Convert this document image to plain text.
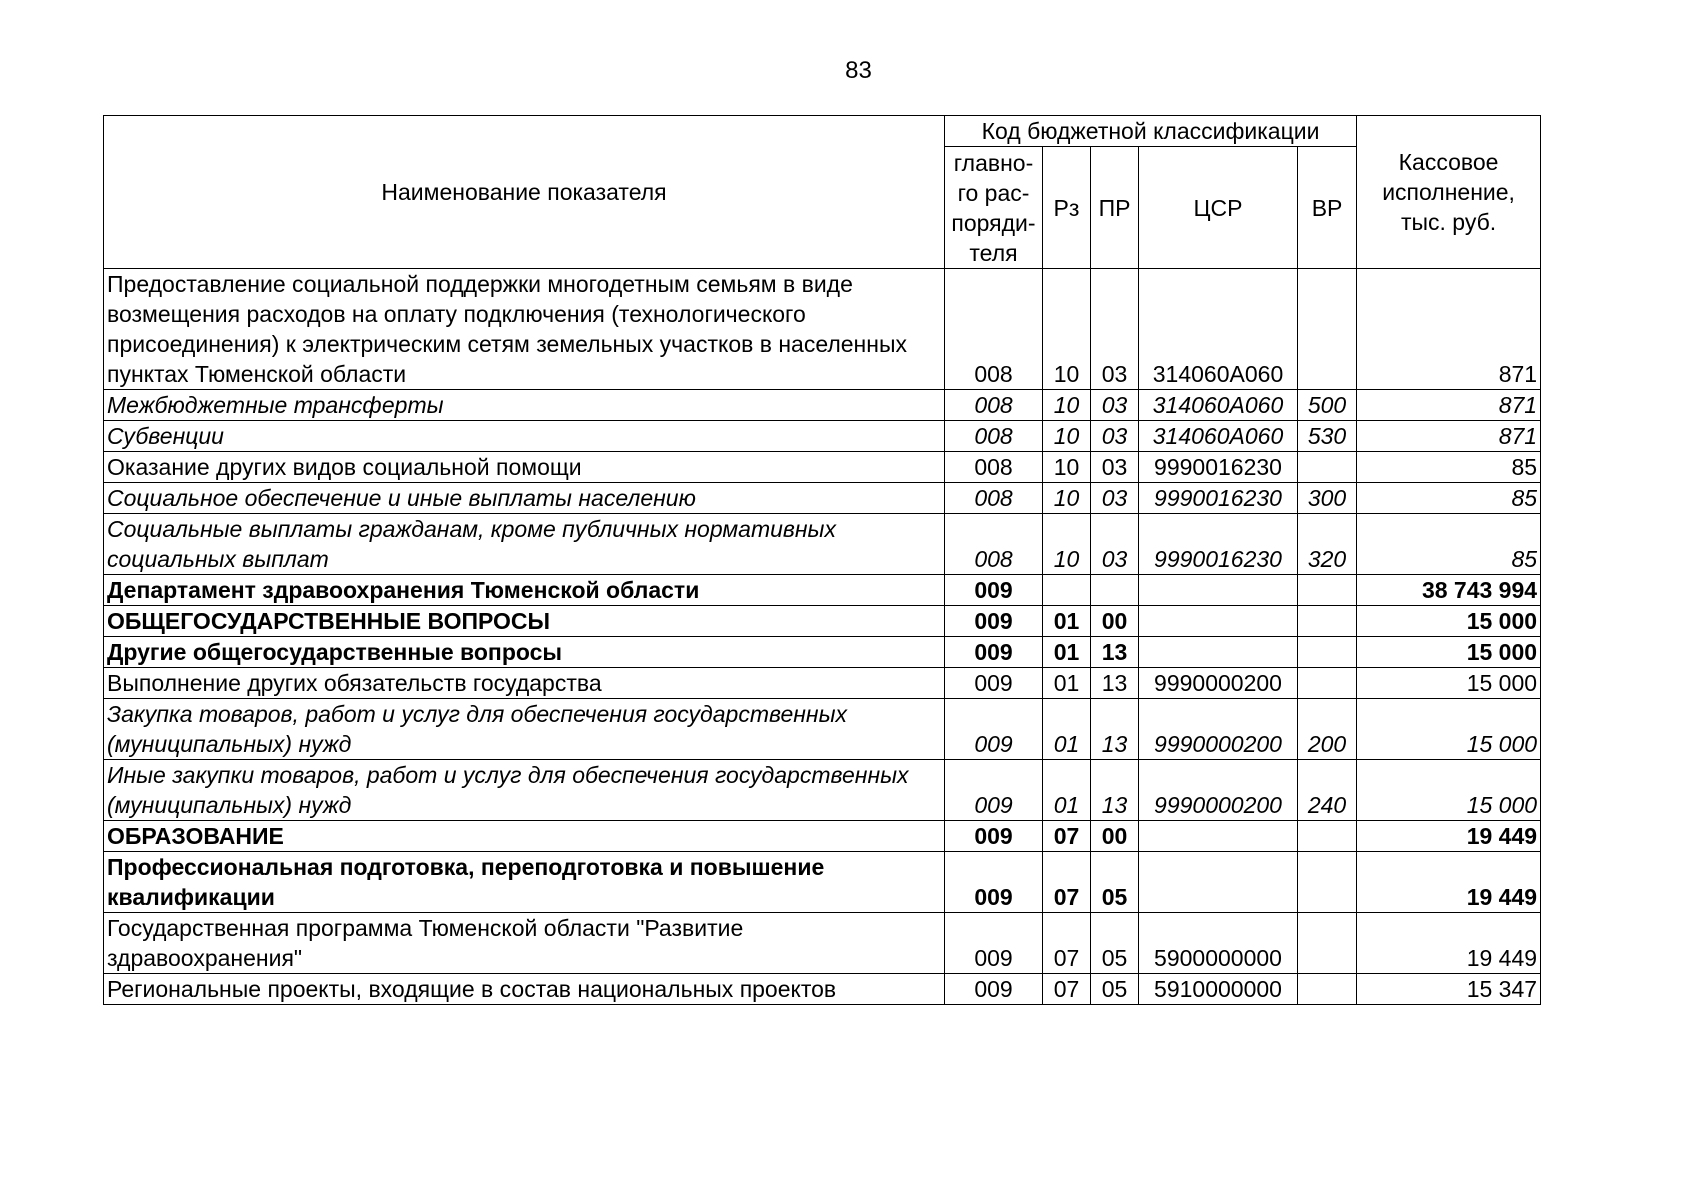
83
Наименование показателя	Код бюджетной классификации					Кассовое исполнение, тыс. руб.
	главно-го рас-поряди-теля	Рз	ПР	ЦСР	ВР	
Предоставление социальной поддержки многодетным семьям в виде возмещения расходов на оплату подключения (технологического присоединения) к электрическим сетям земельных участков в населенных пунктах Тюменской области	008	10	03	314060А060		871
Межбюджетные трансферты	008	10	03	314060А060	500	871
Субвенции	008	10	03	314060А060	530	871
Оказание других видов социальной помощи	008	10	03	9990016230		85
Социальное обеспечение и иные выплаты населению	008	10	03	9990016230	300	85
Социальные выплаты гражданам, кроме публичных нормативных социальных выплат	008	10	03	9990016230	320	85
Департамент здравоохранения Тюменской области	009					38 743 994
ОБЩЕГОСУДАРСТВЕННЫЕ ВОПРОСЫ	009	01	00			15 000
Другие общегосударственные вопросы	009	01	13			15 000
Выполнение других обязательств государства	009	01	13	9990000200		15 000
Закупка товаров, работ и услуг для обеспечения государственных (муниципальных) нужд	009	01	13	9990000200	200	15 000
Иные закупки товаров, работ и услуг для обеспечения государственных (муниципальных) нужд	009	01	13	9990000200	240	15 000
ОБРАЗОВАНИЕ	009	07	00			19 449
Профессиональная подготовка, переподготовка и повышение квалификации	009	07	05			19 449
Государственная программа Тюменской области "Развитие здравоохранения"	009	07	05	5900000000		19 449
Региональные проекты, входящие в состав национальных проектов	009	07	05	5910000000		15 347
